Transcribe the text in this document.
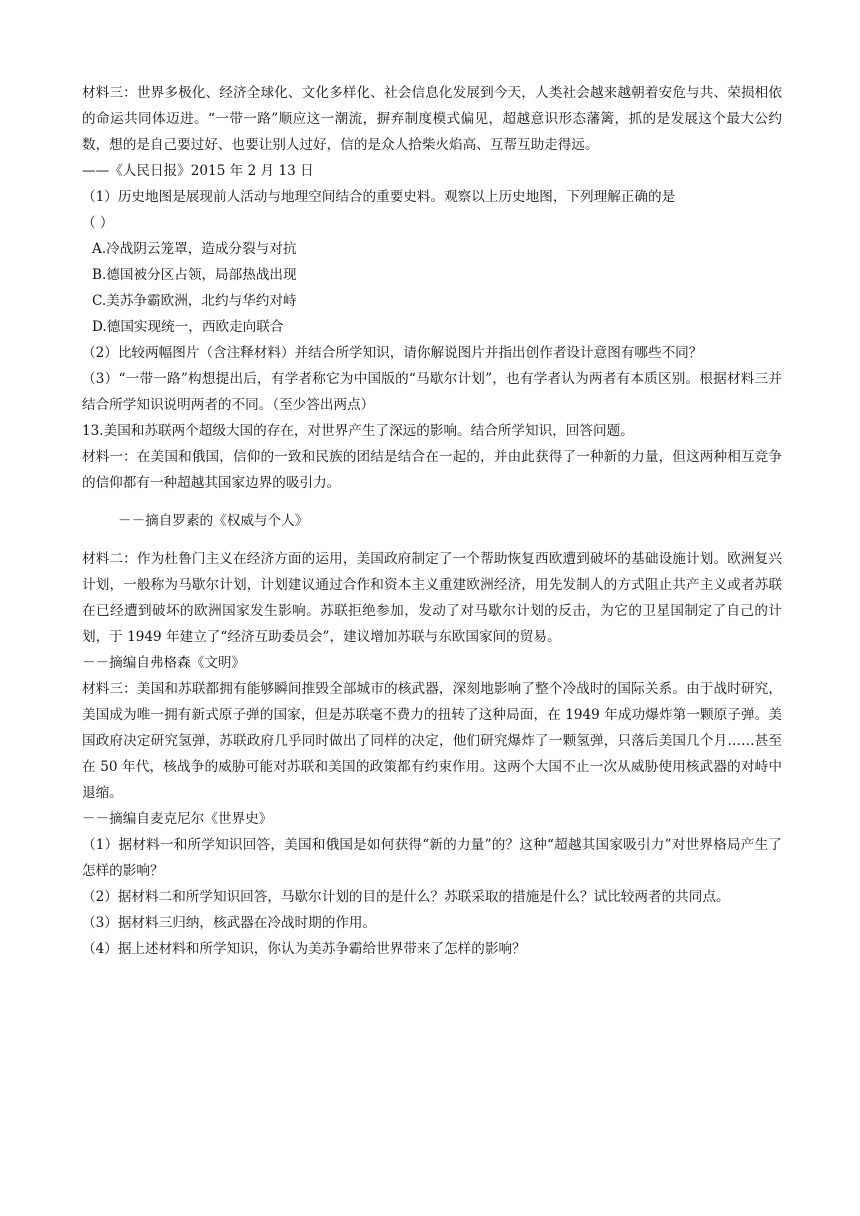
材料三：世界多极化、经济全球化、文化多样化、社会信息化发展到今天，人类社会越来越朝着安危与共、荣损相依的命运共同体迈进。“一带一路”顺应这一潮流，摒弃制度模式偏见，超越意识形态藩篱，抓的是发展这个最大公约数，想的是自己要过好、也要让别人过好，信的是众人拾柴火焰高、互帮互助走得远。

——《人民日报》2015 年 2 月 13 日

（1）历史地图是展现前人活动与地理空间结合的重要史料。观察以上历史地图，下列理解正确的是

（ ）

A.冷战阴云笼罩，造成分裂与对抗

B.德国被分区占领，局部热战出现

C.美苏争霸欧洲，北约与华约对峙

D.德国实现统一，西欧走向联合

（2）比较两幅图片（含注释材料）并结合所学知识，请你解说图片并指出创作者设计意图有哪些不同？

（3）“一带一路”构想提出后，有学者称它为中国版的“马歇尔计划”，也有学者认为两者有本质区别。根据材料三并结合所学知识说明两者的不同。（至少答出两点）

13.美国和苏联两个超级大国的存在，对世界产生了深远的影响。结合所学知识，回答问题。

材料一：在美国和俄国，信仰的一致和民族的团结是结合在一起的，并由此获得了一种新的力量，但这两种相互竞争的信仰都有一种超越其国家边界的吸引力。

－－摘自罗素的《权威与个人》

材料二：作为杜鲁门主义在经济方面的运用，美国政府制定了一个帮助恢复西欧遭到破坏的基础设施计划。欧洲复兴计划，一般称为马歇尔计划，计划建议通过合作和资本主义重建欧洲经济，用先发制人的方式阻止共产主义或者苏联在已经遭到破坏的欧洲国家发生影响。苏联拒绝参加，发动了对马歇尔计划的反击，为它的卫星国制定了自己的计划，于 1949 年建立了“经济互助委员会”，建议增加苏联与东欧国家间的贸易。

－－摘编自弗格森《文明》

材料三：美国和苏联都拥有能够瞬间推毁全部城市的核武器，深刻地影响了整个冷战时的国际关系。由于战时研究，美国成为唯一拥有新式原子弹的国家，但是苏联毫不费力的扭转了这种局面，在 1949 年成功爆炸第一颗原子弹。美国政府决定研究氢弹，苏联政府几乎同时做出了同样的决定，他们研究爆炸了一颗氢弹，只落后美国几个月……甚至在 50 年代，核战争的威胁可能对苏联和美国的政策都有约束作用。这两个大国不止一次从威胁使用核武器的对峙中退缩。

－－摘编自麦克尼尔《世界史》

（1）据材料一和所学知识回答，美国和俄国是如何获得“新的力量”的？这种“超越其国家吸引力”对世界格局产生了怎样的影响？

（2）据材料二和所学知识回答，马歇尔计划的目的是什么？苏联采取的措施是什么？试比较两者的共同点。

（3）据材料三归纳，核武器在冷战时期的作用。

（4）据上述材料和所学知识，你认为美苏争霸给世界带来了怎样的影响？
